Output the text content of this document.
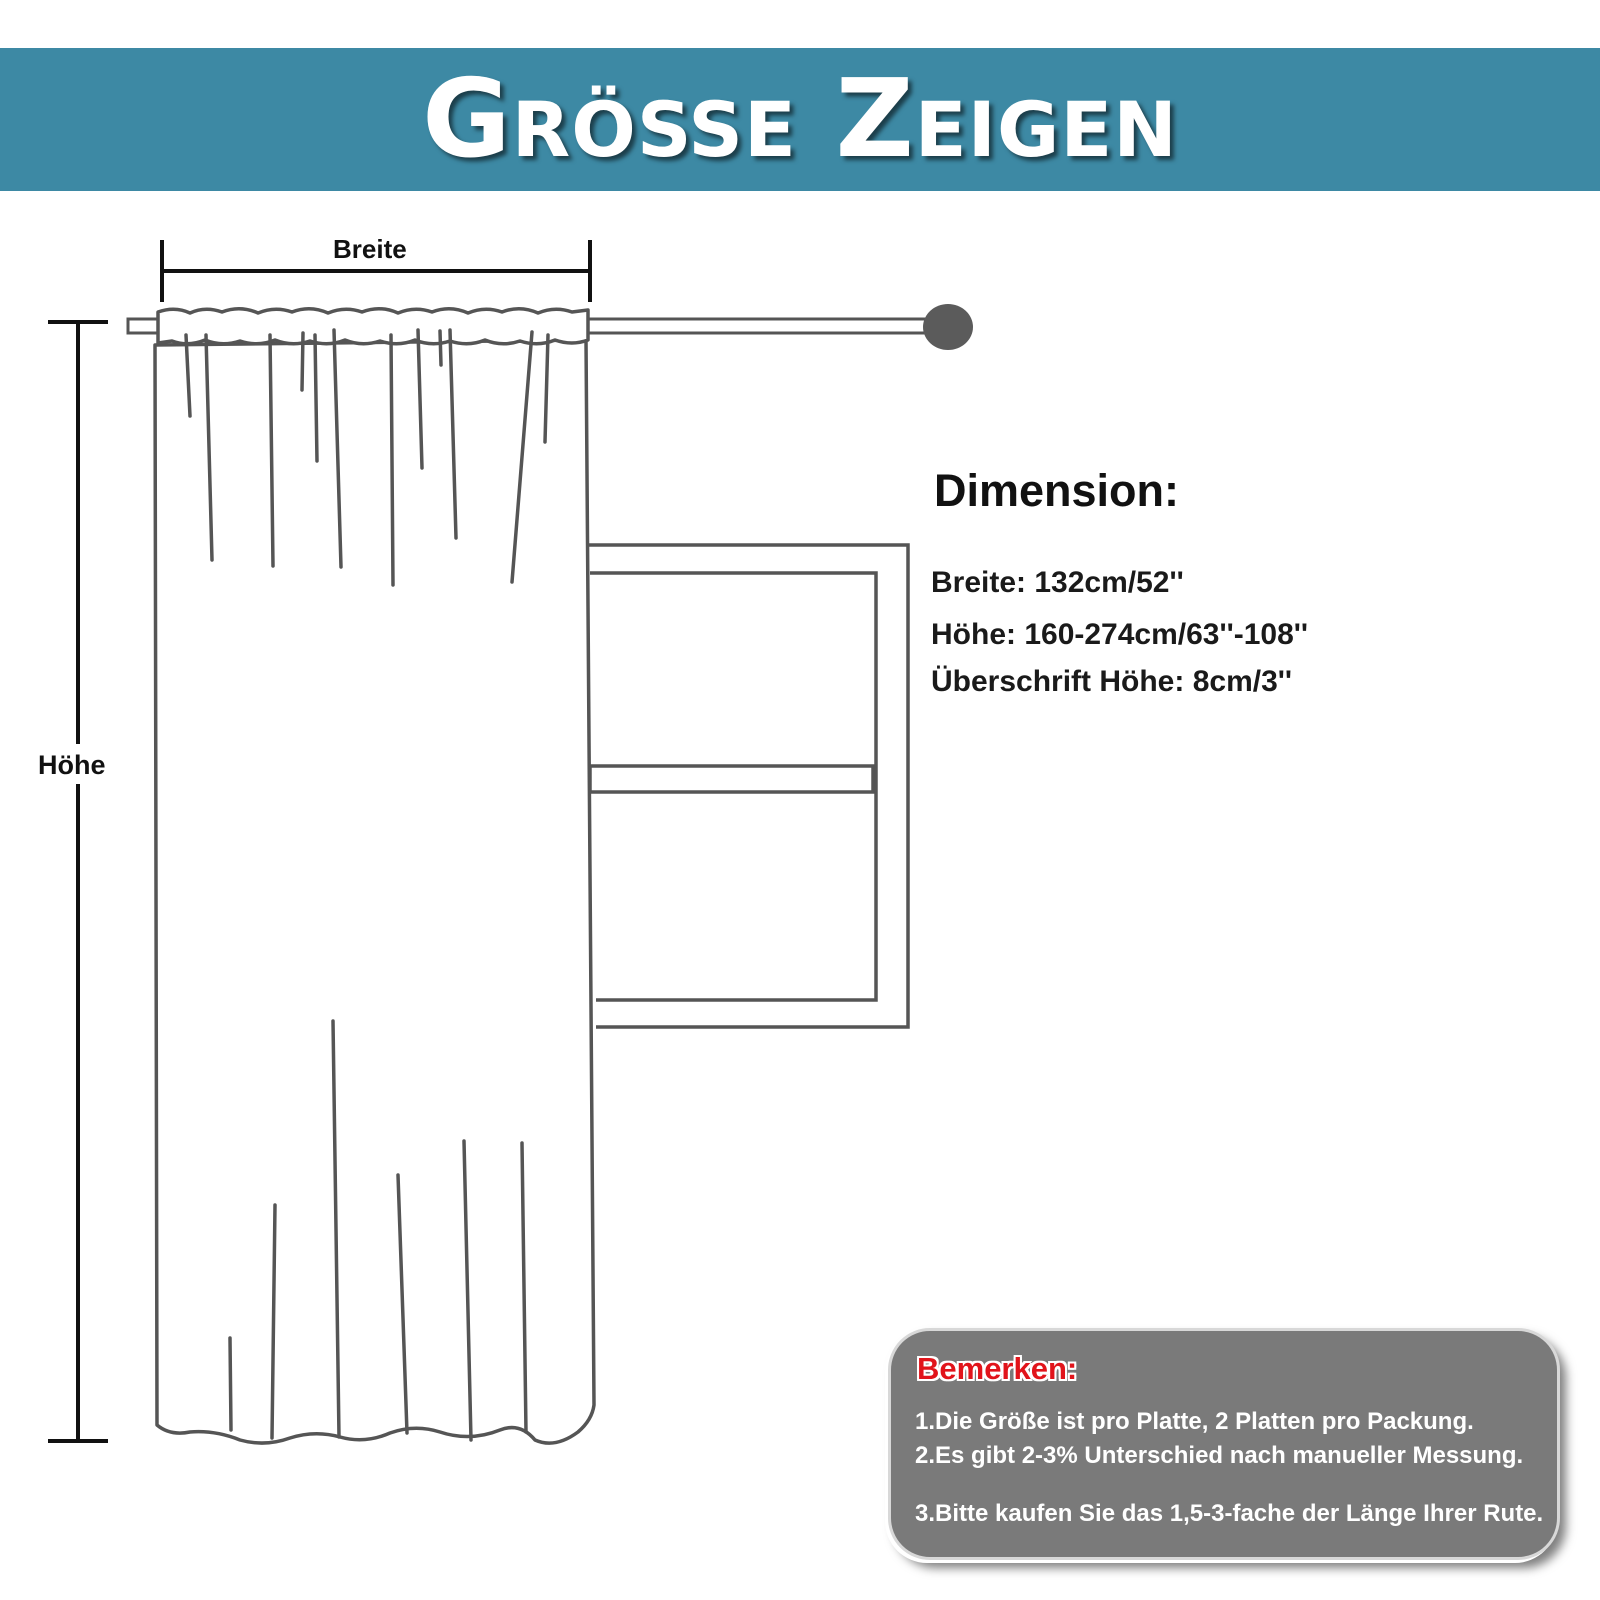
Größe Zeigen
Breite
Höhe
Dimension:
Breite: 132cm/52''
Höhe: 160-274cm/63''-108''
Überschrift Höhe: 8cm/3''
Bemerken:
1.Die Größe ist pro Platte, 2 Platten pro Packung.
2.Es gibt 2-3% Unterschied nach manueller Messung.
3.Bitte kaufen Sie das 1,5-3-fache der Länge Ihrer Rute.
